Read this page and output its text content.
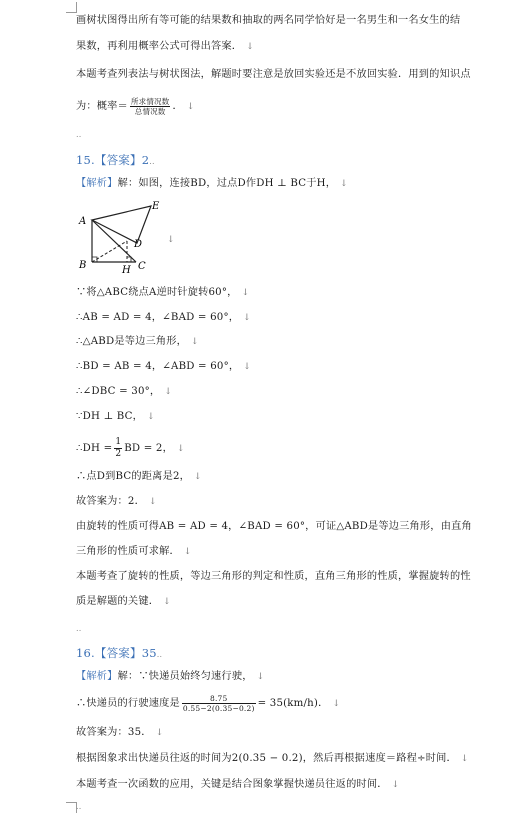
画树状图得出所有等可能的结果数和抽取的两名同学恰好是一名男生和一名女生的结
果数，再利用概率公式可得出答案． ↓
本题考查列表法与树状图法，解题时要注意是放回实验还是不放回实验．用到的知识点
为：概率＝ $\frac{\text{所求情况数}}{\text{总情况数}}$ ． ↓
..
15.【答案】2..
【解析】解：如图，连接BD，过点D作DH ⊥ BC于H， ↓
A
B	C
D
E
H
↓
∵将△ABC绕点A逆时针旋转60°， ↓
∴AB = AD = 4，∠BAD = 60°， ↓
∴△ABD是等边三角形， ↓
∴BD = AB = 4，∠ABD = 60°， ↓
∴∠DBC = 30°， ↓
∵DH ⊥ BC， ↓
∴DH = $\frac{1}{2}$ BD = 2， ↓
∴点D到BC的距离是2， ↓
故答案为：2． ↓
由旋转的性质可得AB = AD = 4，∠BAD = 60°，可证△ABD是等边三角形，由直角
三角形的性质可求解． ↓
本题考查了旋转的性质，等边三角形的判定和性质，直角三角形的性质，掌握旋转的性
质是解题的关键． ↓
..
16.【答案】35..
【解析】解：∵快递员始终匀速行驶， ↓
∴快递员的行驶速度是 $\frac{8.75}{0.55-2(0.35-0.2)} = 35(km/h)$． ↓
故答案为：35． ↓
根据图象求出快递员往返的时间为2(0.35 − 0.2)，然后再根据速度＝路程÷时间． ↓
本题考查一次函数的应用，关键是结合图象掌握快递员往返的时间． ↓
..
